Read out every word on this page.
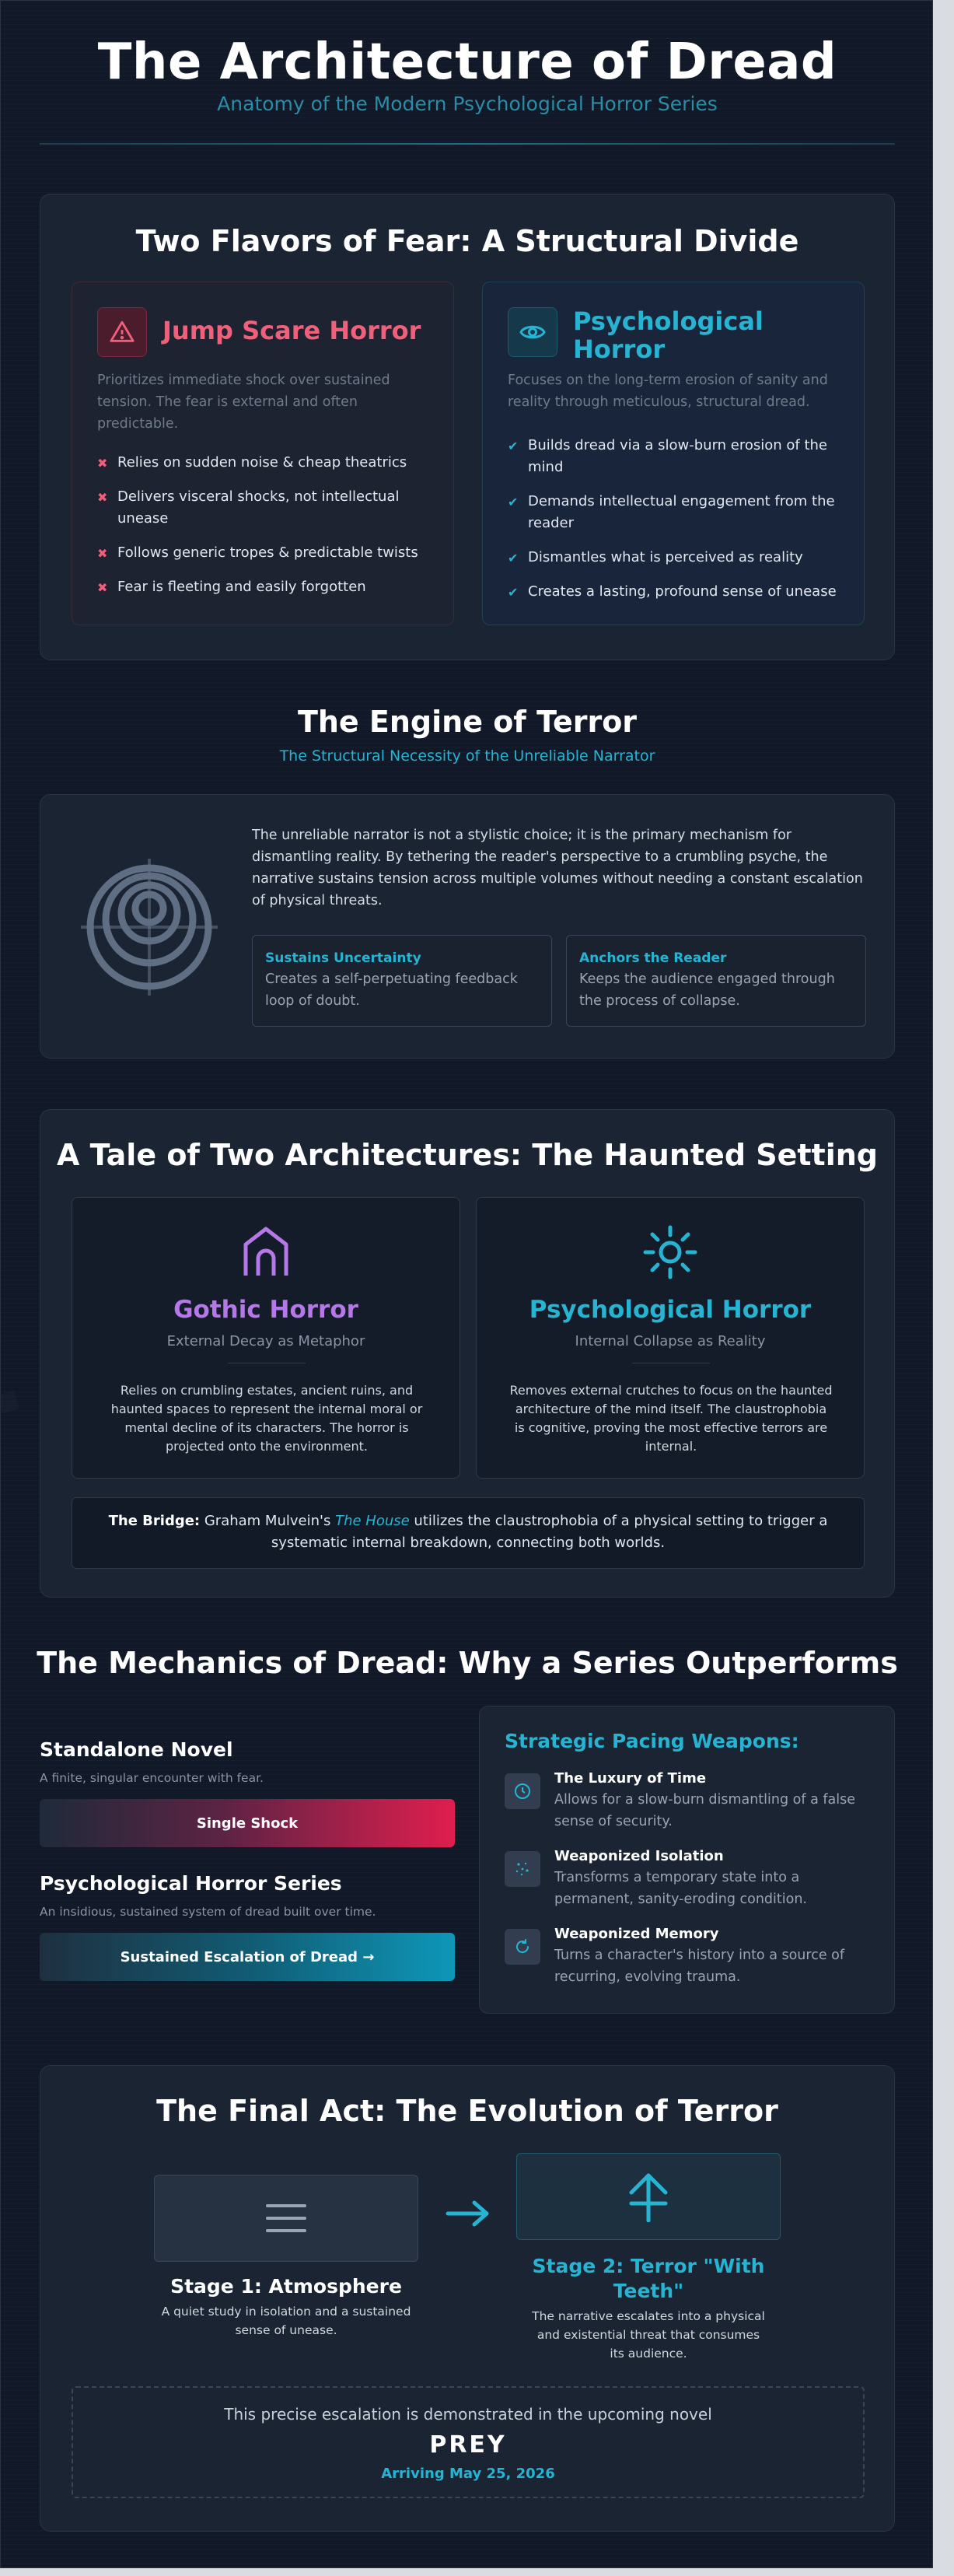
The Architecture of Dread
Anatomy of the Modern Psychological Horror Series
Two Flavors of Fear: A Structural Divide
Jump Scare Horror
Prioritizes immediate shock over sustained tension. The fear is external and often predictable.
✖ Relies on sudden noise & cheap theatrics
✖ Delivers visceral shocks, not intellectual unease
✖ Follows generic tropes & predictable twists
✖ Fear is fleeting and easily forgotten
Psychological Horror
Focuses on the long-term erosion of sanity and reality through meticulous, structural dread.
✔ Builds dread via a slow-burn erosion of the mind
✔ Demands intellectual engagement from the reader
✔ Dismantles what is perceived as reality
✔ Creates a lasting, profound sense of unease
The Engine of Terror
The Structural Necessity of the Unreliable Narrator
The unreliable narrator is not a stylistic choice; it is the primary mechanism for dismantling reality. By tethering the reader's perspective to a crumbling psyche, the narrative sustains tension across multiple volumes without needing a constant escalation of physical threats.
Sustains Uncertainty
Creates a self-perpetuating feedback loop of doubt.
Anchors the Reader
Keeps the audience engaged through the process of collapse.
A Tale of Two Architectures: The Haunted Setting
Gothic Horror
External Decay as Metaphor
Relies on crumbling estates, ancient ruins, and haunted spaces to represent the internal moral or mental decline of its characters. The horror is projected onto the environment.
Psychological Horror
Internal Collapse as Reality
Removes external crutches to focus on the haunted architecture of the mind itself. The claustrophobia is cognitive, proving the most effective terrors are internal.
The Bridge: Graham Mulvein's The House utilizes the claustrophobia of a physical setting to trigger a systematic internal breakdown, connecting both worlds.
The Mechanics of Dread: Why a Series Outperforms
Standalone Novel
A finite, singular encounter with fear.
Single Shock
Psychological Horror Series
An insidious, sustained system of dread built over time.
Sustained Escalation of Dread →
Strategic Pacing Weapons:
The Luxury of Time
Allows for a slow-burn dismantling of a false sense of security.
Weaponized Isolation
Transforms a temporary state into a permanent, sanity-eroding condition.
Weaponized Memory
Turns a character's history into a source of recurring, evolving trauma.
The Final Act: The Evolution of Terror
Stage 1: Atmosphere
A quiet study in isolation and a sustained sense of unease.
Stage 2: Terror "With Teeth"
The narrative escalates into a physical and existential threat that consumes its audience.
This precise escalation is demonstrated in the upcoming novel
PREY
Arriving May 25, 2026
